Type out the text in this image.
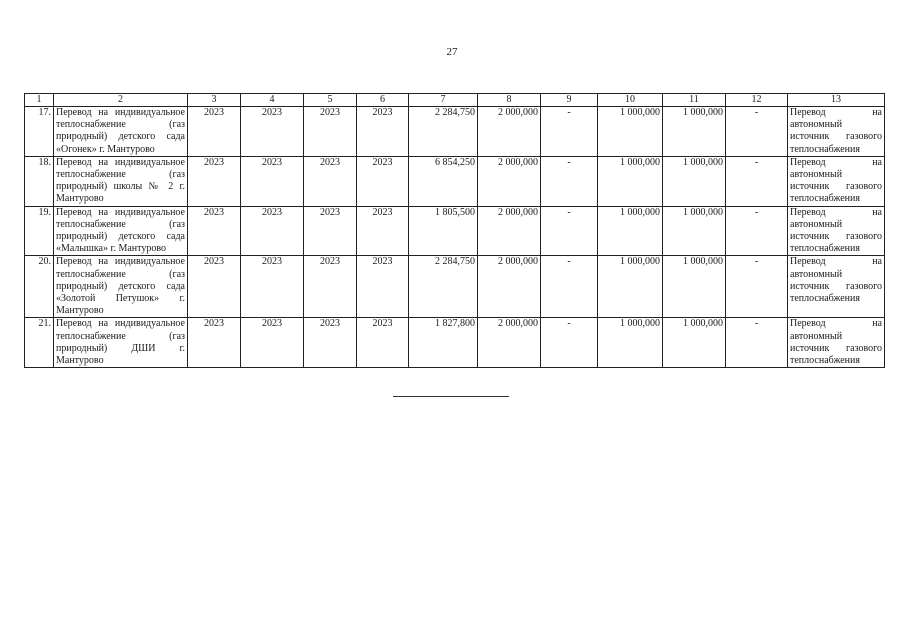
27
1	2	3	4	5	6	7	8	9	10	11	12	13
17.	Перевод на индивидуальное теплоснабжение (газ природный) детского сада «Огонек» г. Мантурово	2023	2023	2023	2023	2 284,750	2 000,000	-	1 000,000	1 000,000	-	Перевод на автономный источник газового теплоснабжения
18.	Перевод на индивидуальное теплоснабжение (газ природный) школы № 2 г. Мантурово	2023	2023	2023	2023	6 854,250	2 000,000	-	1 000,000	1 000,000	-	Перевод на автономный источник газового теплоснабжения
19.	Перевод на индивидуальное теплоснабжение (газ природный) детского сада «Малышка» г. Мантурово	2023	2023	2023	2023	1 805,500	2 000,000	-	1 000,000	1 000,000	-	Перевод на автономный источник газового теплоснабжения
20.	Перевод на индивидуальное теплоснабжение (газ природный) детского сада «Золотой Петушок» г. Мантурово	2023	2023	2023	2023	2 284,750	2 000,000	-	1 000,000	1 000,000	-	Перевод на автономный источник газового теплоснабжения
21.	Перевод на индивидуальное теплоснабжение (газ природный) ДШИ г. Мантурово	2023	2023	2023	2023	1 827,800	2 000,000	-	1 000,000	1 000,000	-	Перевод на автономный источник газового теплоснабжения
